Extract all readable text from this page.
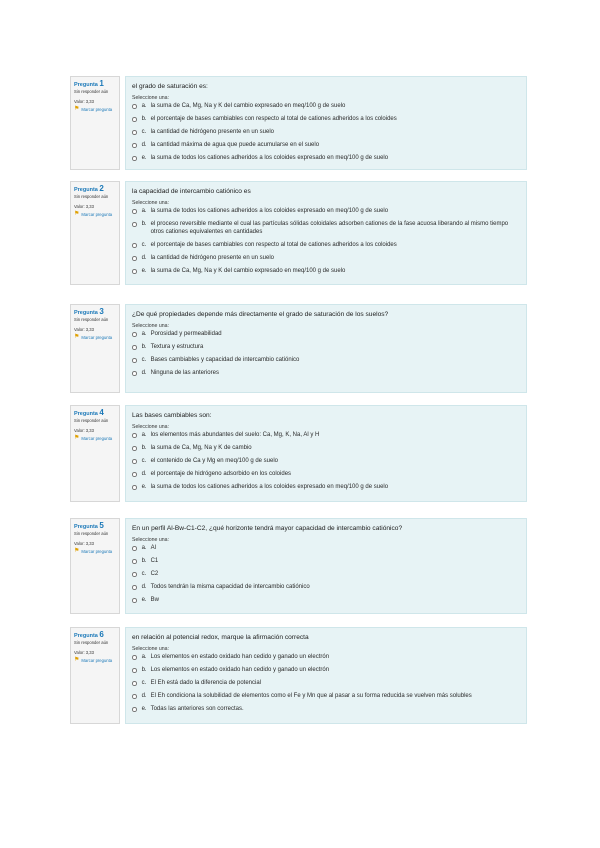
Pregunta 1
Sin responder aún
Valor: 3,33
⚑ Marcar pregunta
el grado de saturación es:
Seleccione una:
a. la suma de Ca, Mg, Na y K del cambio expresado en meq/100 g de suelo
b. el porcentaje de bases cambiables con respecto al total de cationes adheridos a los coloides
c. la cantidad de hidrógeno presente en un suelo
d. la cantidad máxima de agua que puede acumularse en el suelo
e. la suma de todos los cationes adheridos a los coloides expresado en meq/100 g de suelo
Pregunta 2
Sin responder aún
Valor: 3,33
⚑ Marcar pregunta
la capacidad de intercambio catiónico es
Seleccione una:
a. la suma de todos los cationes adheridos a los coloides expresado en meq/100 g de suelo
b. el proceso reversible mediante el cual las partículas sólidas coloidales adsorben cationes de la fase acuosa liberando al mismo tiempo otros cationes equivalentes en cantidades
c. el porcentaje de bases cambiables con respecto al total de cationes adheridos a los coloides
d. la cantidad de hidrógeno presente en un suelo
e. la suma de Ca, Mg, Na y K del cambio expresado en meq/100 g de suelo
Pregunta 3
Sin responder aún
Valor: 3,33
⚑ Marcar pregunta
¿De qué propiedades depende más directamente el grado de saturación de los suelos?
Seleccione una:
a. Porosidad y permeabilidad
b. Textura y estructura
c. Bases cambiables y capacidad de intercambio catiónico
d. Ninguna de las anteriores
Pregunta 4
Sin responder aún
Valor: 3,33
⚑ Marcar pregunta
Las bases cambiables son:
Seleccione una:
a. los elementos más abundantes del suelo: Ca, Mg, K, Na, Al y H
b. la suma de Ca, Mg, Na y K de cambio
c. el contenido de Ca y Mg en meq/100 g de suelo
d. el porcentaje de hidrógeno adsorbido en los coloides
e. la suma de todos los cationes adheridos a los coloides expresado en meq/100 g de suelo
Pregunta 5
Sin responder aún
Valor: 3,33
⚑ Marcar pregunta
En un perfil Al-Bw-C1-C2, ¿qué horizonte tendrá mayor capacidad de intercambio catiónico?
Seleccione una:
a. Al
b. C1
c. C2
d. Todos tendrán la misma capacidad de intercambio catiónico
e. Bw
Pregunta 6
Sin responder aún
Valor: 3,33
⚑ Marcar pregunta
en relación al potencial redox, marque la afirmación correcta
Seleccione una:
a. Los elementos en estado oxidado han cedido y ganado un electrón
b. Los elementos en estado oxidado han cedido y ganado un electrón
c. El Eh está dado la diferencia de potencial
d. El Eh condiciona la solubilidad de elementos como el Fe y Mn que al pasar a su forma reducida se vuelven más solubles
e. Todas las anteriores son correctas.
